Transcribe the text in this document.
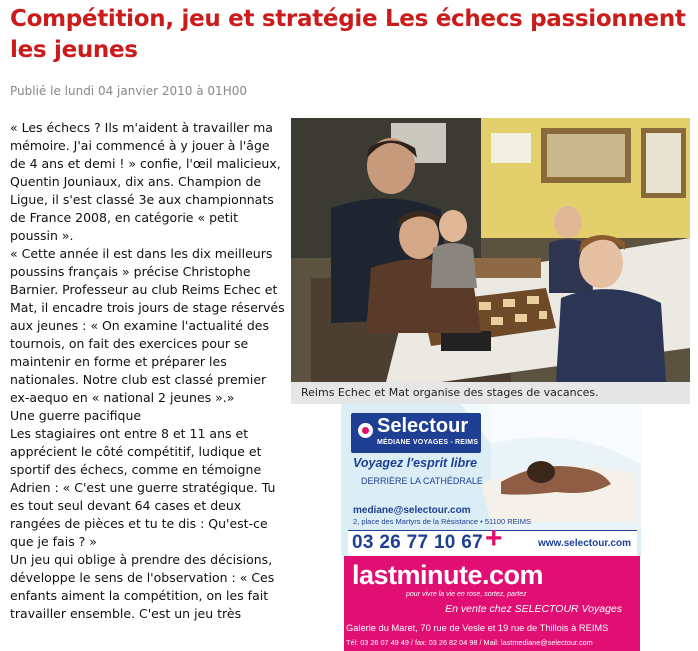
Compétition, jeu et stratégie Les échecs passionnent les jeunes
Publié le lundi 04 janvier 2010 à 01H00

« Les échecs ? Ils m'aident à travailler ma mémoire. J'ai commencé à y jouer à l'âge de 4 ans et demi ! » confie, l'œil malicieux, Quentin Jouniaux, dix ans. Champion de Ligue, il s'est classé 3e aux championnats de France 2008, en catégorie « petit poussin ».

« Cette année il est dans les dix meilleurs poussins français » précise Christophe Barnier. Professeur au club Reims Echec et Mat, il encadre trois jours de stage réservés aux jeunes : « On examine l'actualité des tournois, on fait des exercices pour se maintenir en forme et préparer les nationales. Notre club est classé premier ex-aequo en « national 2 jeunes ».»

Une guerre pacifique

Les stagiaires ont entre 8 et 11 ans et apprécient le côté compétitif, ludique et sportif des échecs, comme en témoigne Adrien : « C'est une guerre stratégique. Tu es tout seul devant 64 cases et deux rangées de pièces et tu te dis : Qu'est-ce que je fais ? »

Un jeu qui oblige à prendre des décisions, développe le sens de l'observation : « Ces enfants aiment la compétition, on les fait travailler ensemble. C'est un jeu très

Reims Echec et Mat organise des stages de vacances.
Selectour
MÉDIANE VOYAGES - REIMS
Voyagez l'esprit libre
DERRIÈRE LA CATHÉDRALE
mediane@selectour.com
2, place des Martyrs de la Résistance • 51100 REIMS
03 26 77 10 67 +	www.selectour.com
lastminute.com
pour vivre la vie en rose, sortez, partez
En vente chez SELECTOUR Voyages
Galerie du Maret, 70 rue de Vesle et 19 rue de Thillois à REIMS
Tél: 03 26 07 49 49 / fax: 03 26 82 04 98 / Mail: lastmediane@selectour.com
